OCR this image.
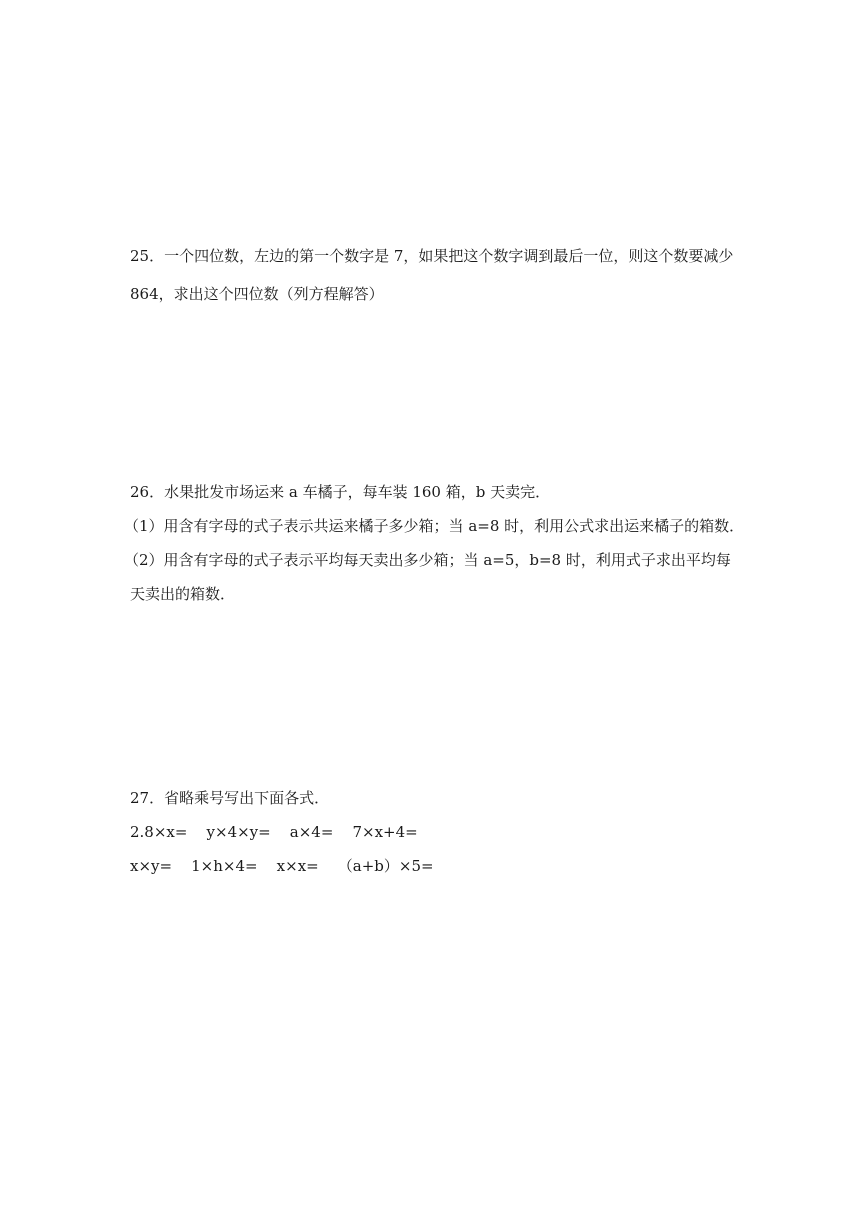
25．一个四位数，左边的第一个数字是 7，如果把这个数字调到最后一位，则这个数要减少

864，求出这个四位数（列方程解答）

26．水果批发市场运来 a 车橘子，每车装 160 箱，b 天卖完．

（1）用含有字母的式子表示共运来橘子多少箱；当 a=8 时，利用公式求出运来橘子的箱数．

（2）用含有字母的式子表示平均每天卖出多少箱；当 a=5，b=8 时，利用式子求出平均每

天卖出的箱数．

27．省略乘号写出下面各式．

2.8×x=    y×4×y=    a×4=    7×x+4=

x×y=    1×h×4=    x×x=    （a+b）×5=
